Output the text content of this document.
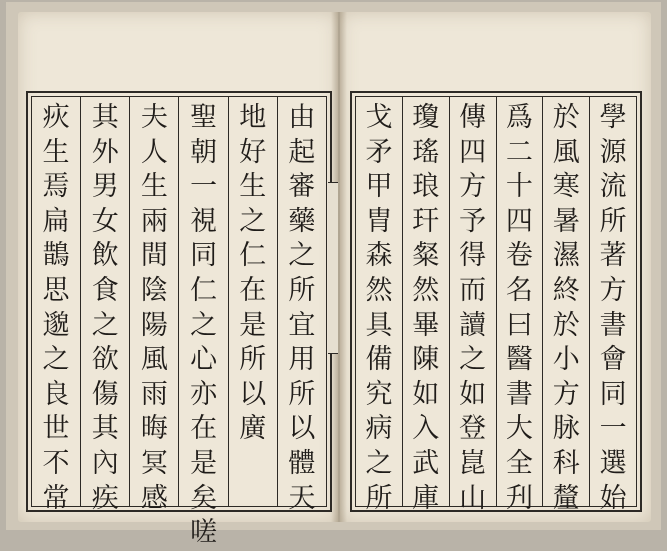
由
起
審
藥
之
所
宜
用
所
以
體
天
地
好
生
之
仁
在
是
所
以
廣
聖
朝
一
視
同
仁
之
心
亦
在
是
矣
嗟
夫
人
生
兩
間
陰
陽
風
雨
晦
冥
感
其
外
男
女
飲
食
之
欲
傷
其
內
疾
疢
生
焉
扁
鵲
思
邈
之
良
世
不
常
學
源
流
所
著
方
書
會
同
一
選
始
於
風
寒
暑
濕
終
於
小
方
脉
科
釐
爲
二
十
四
卷
名
曰
醫
書
大
全
刋
傳
四
方
予
得
而
讀
之
如
登
崑
山
瓊
瑤
琅
玕
粲
然
畢
陳
如
入
武
庫
戈
矛
甲
胄
森
然
具
備
究
病
之
所
